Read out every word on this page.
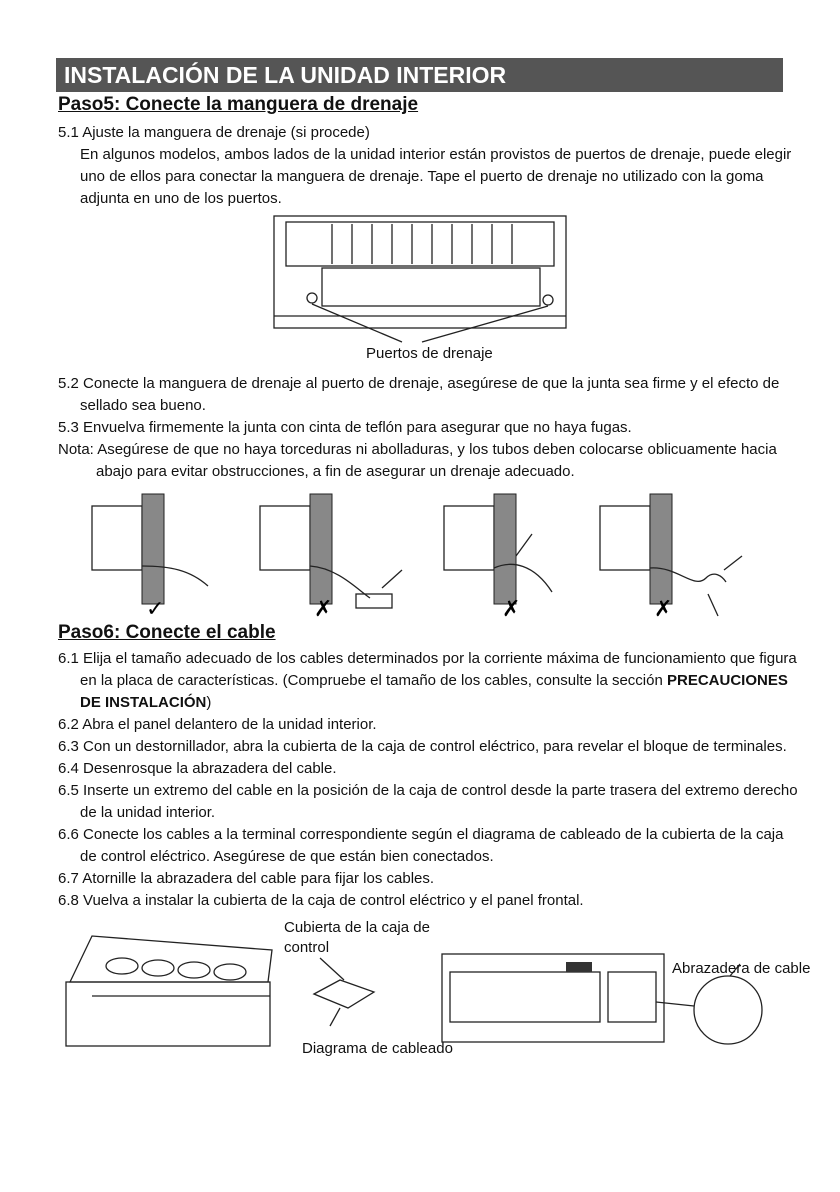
INSTALACIÓN DE LA UNIDAD INTERIOR
Paso5: Conecte la manguera de drenaje
5.1 Ajuste la manguera de drenaje (si procede)
En algunos modelos, ambos lados de la unidad interior están provistos de puertos de drenaje, puede elegir
uno de ellos para conectar la manguera de drenaje. Tape el puerto de drenaje no utilizado con la goma
adjunta en uno de los puertos.
Puertos de drenaje
5.2 Conecte la manguera de drenaje al puerto de drenaje, asegúrese de que la junta sea firme y el efecto de
sellado sea bueno.
5.3 Envuelva firmemente la junta con cinta de teflón para asegurar que no haya fugas.
Nota: Asegúrese de que no haya torceduras ni abolladuras, y los tubos deben colocarse oblicuamente hacia
abajo para evitar obstrucciones, a fin de asegurar un drenaje adecuado.
✓	✗	✗	✗
Paso6: Conecte el cable
6.1 Elija el tamaño adecuado de los cables determinados por la corriente máxima de funcionamiento que figura
en la placa de características. (Compruebe el tamaño de los cables, consulte la sección PRECAUCIONES
DE INSTALACIÓN)
6.2 Abra el panel delantero de la unidad interior.
6.3 Con un destornillador, abra la cubierta de la caja de control eléctrico, para revelar el bloque de terminales.
6.4 Desenrosque la abrazadera del cable.
6.5 Inserte un extremo del cable en la posición de la caja de control desde la parte trasera del extremo derecho
de la unidad interior.
6.6 Conecte los cables a la terminal correspondiente según el diagrama de cableado de la cubierta de la caja
de control eléctrico. Asegúrese de que están bien conectados.
6.7 Atornille la abrazadera del cable para fijar los cables.
6.8 Vuelva a instalar la cubierta de la caja de control eléctrico y el panel frontal.
Cubierta de la caja de
control
Diagrama de cableado
Abrazadera de cable
